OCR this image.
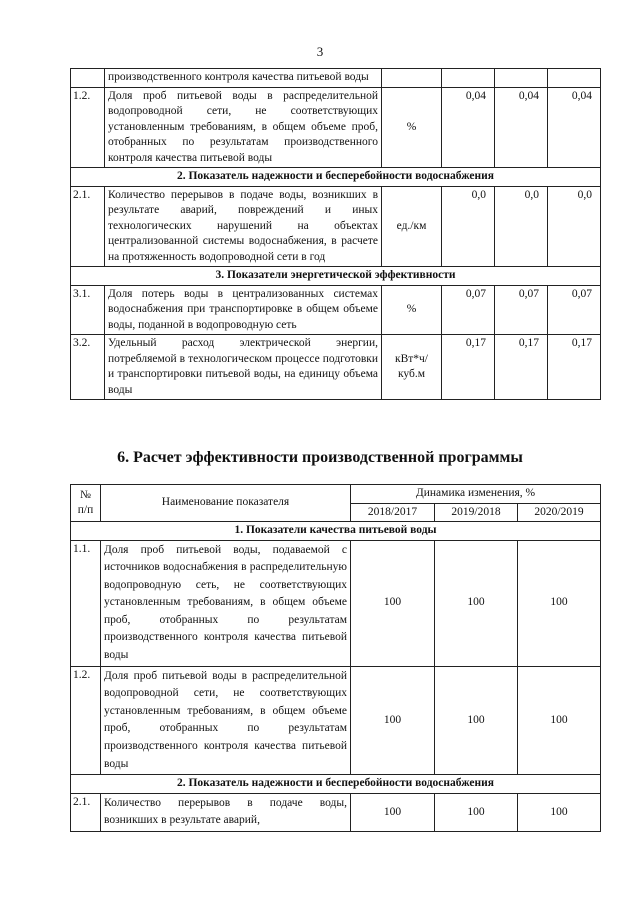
3
	производственного контроля качества питьевой воды				
1.2.	Доля проб питьевой воды в распределительной водопроводной сети, не соответствующих установленным требованиям, в общем объеме проб, отобранных по результатам производственного контроля качества питьевой воды	%	0,04	0,04	0,04
2. Показатель надежности и бесперебойности водоснабжения					
2.1.	Количество перерывов в подаче воды, возникших в результате аварий, повреждений и иных технологических нарушений на объектах централизованной системы водоснабжения, в расчете на протяженность водопроводной сети в год	ед./км	0,0	0,0	0,0
3. Показатели энергетической эффективности					
3.1.	Доля потерь воды в централизованных системах водоснабжения при транспортировке в общем объеме воды, поданной в водопроводную сеть	%	0,07	0,07	0,07
3.2.	Удельный расход электрической энергии, потребляемой в технологическом процессе подготовки и транспортировки питьевой воды, на единицу объема воды	кВт*ч/
куб.м	0,17	0,17	0,17
6. Расчет эффективности производственной программы
№
п/п	Наименование показателя	Динамика изменения, %		
		2018/2017	2019/2018	2020/2019
1. Показатели качества питьевой воды				
1.1.	Доля проб питьевой воды, подаваемой с источников водоснабжения в распределительную водопроводную сеть, не соответствующих установленным требованиям, в общем объеме проб, отобранных по результатам производственного контроля качества питьевой воды	100	100	100
1.2.	Доля проб питьевой воды в распределительной водопроводной сети, не соответствующих установленным требованиям, в общем объеме проб, отобранных по результатам производственного контроля качества питьевой воды	100	100	100
2. Показатель надежности и бесперебойности водоснабжения				
2.1.	Количество перерывов в подаче воды, возникших в результате аварий,	100	100	100
